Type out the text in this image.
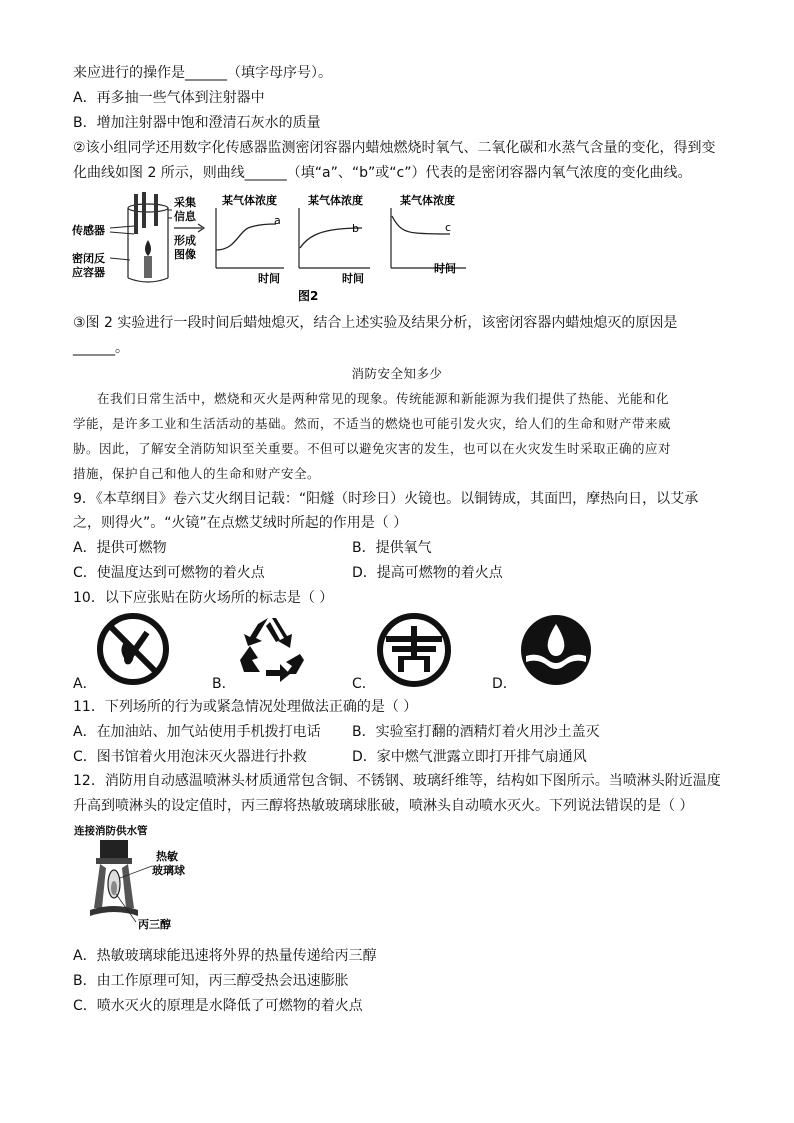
来应进行的操作是______（填字母序号）。
A．再多抽一些气体到注射器中
B．增加注射器中饱和澄清石灰水的质量
②该小组同学还用数字化传感器监测密闭容器内蜡烛燃烧时氧气、二氧化碳和水蒸气含量的变化，得到变
化曲线如图 2 所示，则曲线______（填“a”、“b”或“c”）代表的是密闭容器内氧气浓度的变化曲线。
传感器
密闭反
应容器
采集
信息
形成
图像
某气体浓度
a
时间
某气体浓度
b
时间
某气体浓度
c
时间
图2
③图 2 实验进行一段时间后蜡烛熄灭，结合上述实验及结果分析，该密闭容器内蜡烛熄灭的原因是
______。
消防安全知多少
在我们日常生活中，燃烧和灭火是两种常见的现象。传统能源和新能源为我们提供了热能、光能和化
学能，是许多工业和生活活动的基础。然而，不适当的燃烧也可能引发火灾，给人们的生命和财产带来威
胁。因此，了解安全消防知识至关重要。不但可以避免灾害的发生，也可以在火灾发生时采取正确的应对
措施，保护自己和他人的生命和财产安全。
9．《本草纲目》卷六艾火纲目记载：“阳燧（时珍日）火镜也。以铜铸成，其面凹，摩热向日，以艾承
之，则得火”。“火镜”在点燃艾绒时所起的作用是（ ）
A．提供可燃物	B．提供氧气
C．使温度达到可燃物的着火点	D．提高可燃物的着火点
10．以下应张贴在防火场所的标志是（ ）
A．	B．	C．	D．
11．下列场所的行为或紧急情况处理做法正确的是（ ）
A．在加油站、加气站使用手机拨打电话 B．实验室打翻的酒精灯着火用沙土盖灭
C．图书馆着火用泡沫灭火器进行扑救	D．家中燃气泄露立即打开排气扇通风
12．消防用自动感温喷淋头材质通常包含铜、不锈钢、玻璃纤维等，结构如下图所示。当喷淋头附近温度
升高到喷淋头的设定值时，丙三醇将热敏玻璃球胀破，喷淋头自动喷水灭火。下列说法错误的是（ ）
连接消防供水管
热敏
玻璃球
丙三醇
A．热敏玻璃球能迅速将外界的热量传递给丙三醇
B．由工作原理可知，丙三醇受热会迅速膨胀
C．喷水灭火的原理是水降低了可燃物的着火点
